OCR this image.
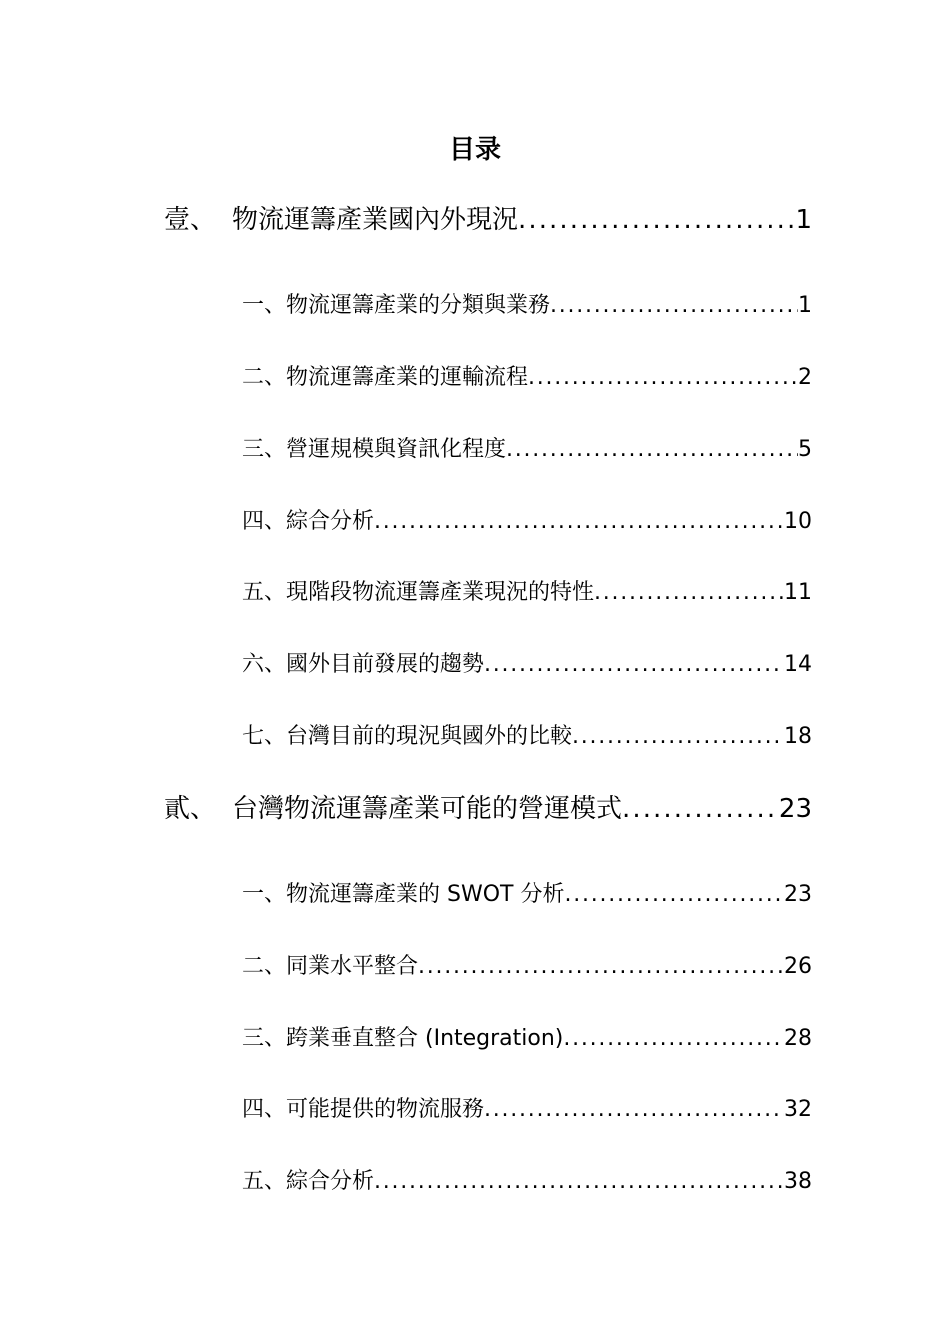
目录
壹、 物流運籌產業國內外現況 .....	1
一、物流運籌產業的分類與業務 .....	1
二、物流運籌產業的運輸流程 .....	2
三、營運規模與資訊化程度 .....	5
四、綜合分析 .....	10
五、現階段物流運籌產業現況的特性 .....	11
六、國外目前發展的趨勢 .....	14
七、台灣目前的現況與國外的比較 .....	18
貳、 台灣物流運籌產業可能的營運模式 .....	23
一、物流運籌產業的 SWOT 分析 .....	23
二、同業水平整合 .....	26
三、跨業垂直整合 (Integration) .....	28
四、可能提供的物流服務 .....	32
五、綜合分析 .....	38
